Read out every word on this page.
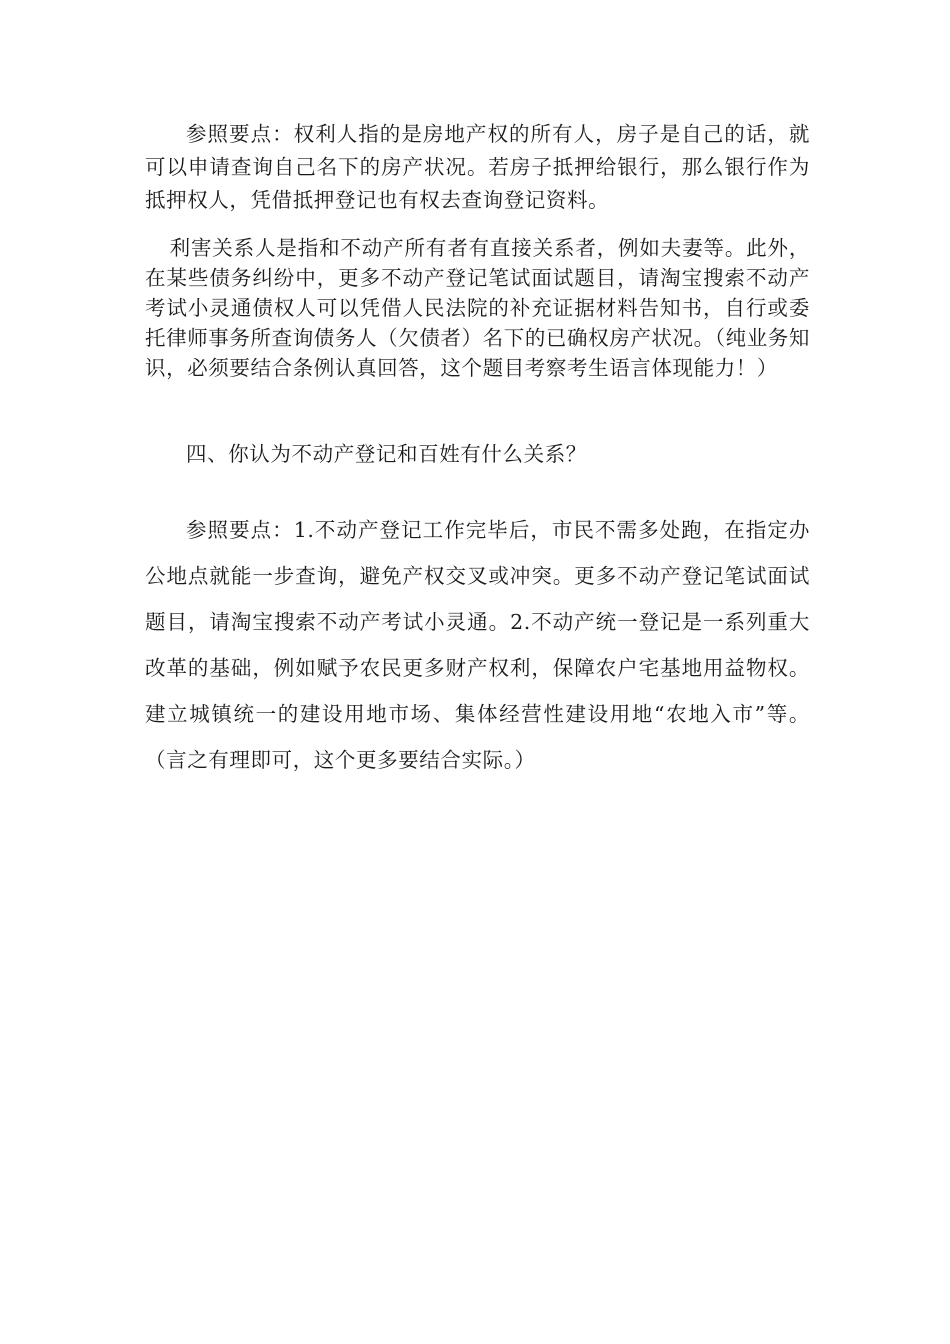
参照要点：权利人指的是房地产权的所有人，房子是自己的话，就可以申请查询自己名下的房产状况。若房子抵押给银行，那么银行作为抵押权人，凭借抵押登记也有权去查询登记资料。

利害关系人是指和不动产所有者有直接关系者，例如夫妻等。此外，在某些债务纠纷中，更多不动产登记笔试面试题目，请淘宝搜索不动产考试小灵通债权人可以凭借人民法院的补充证据材料告知书，自行或委托律师事务所查询债务人（欠债者）名下的已确权房产状况。（纯业务知识，必须要结合条例认真回答，这个题目考察考生语言体现能力！）

四、你认为不动产登记和百姓有什么关系？

参照要点：1.不动产登记工作完毕后，市民不需多处跑，在指定办公地点就能一步查询，避免产权交叉或冲突。更多不动产登记笔试面试题目，请淘宝搜索不动产考试小灵通。2.不动产统一登记是一系列重大改革的基础，例如赋予农民更多财产权利，保障农户宅基地用益物权。建立城镇统一的建设用地市场、集体经营性建设用地“农地入市”等。（言之有理即可，这个更多要结合实际。）
